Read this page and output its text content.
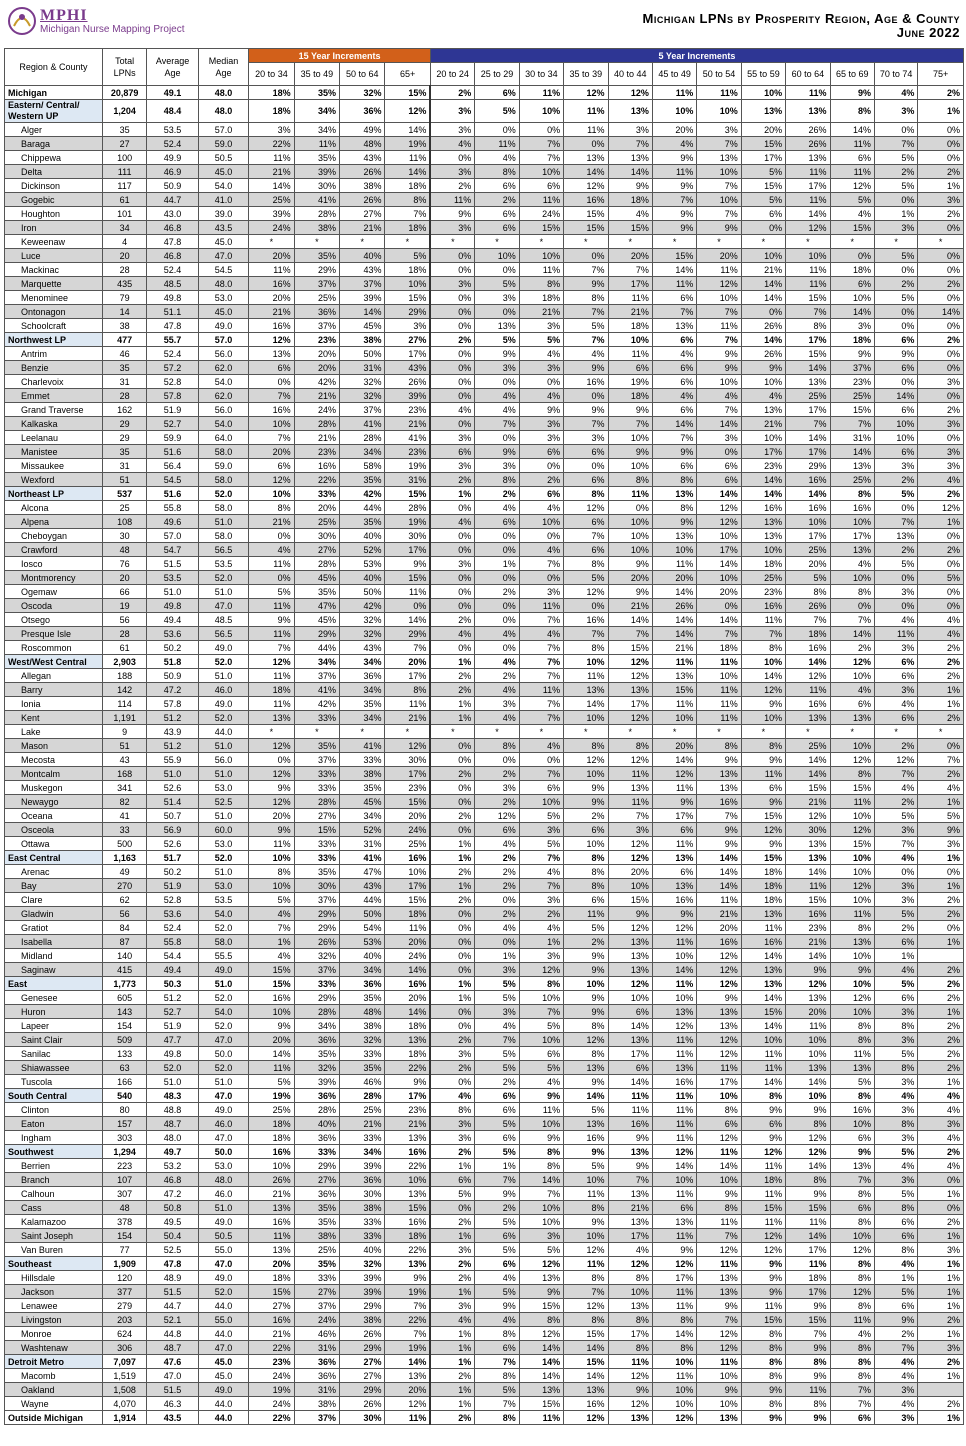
MPHI
Michigan Nurse Mapping Project
Michigan LPNs by Prosperity Region, Age & County
June 2022
Region & County	Total LPNs	Average Age	Median Age	15 Year Increments				5 Year Increments											
				20 to 34	35 to 49	50 to 64	65+	20 to 24	25 to 29	30 to 34	35 to 39	40 to 44	45 to 49	50 to 54	55 to 59	60 to 64	65 to 69	70 to 74	75+
Michigan	20,879	49.1	48.0	18%	35%	32%	15%	2%	6%	11%	12%	12%	11%	11%	10%	11%	9%	4%	2%
Eastern/ Central/ Western UP	1,204	48.4	48.0	18%	34%	36%	12%	3%	5%	10%	11%	13%	10%	10%	13%	13%	8%	3%	1%
Alger	35	53.5	57.0	3%	34%	49%	14%	3%	0%	0%	11%	3%	20%	3%	20%	26%	14%	0%	0%
Baraga	27	52.4	59.0	22%	11%	48%	19%	4%	11%	7%	0%	7%	4%	7%	15%	26%	11%	7%	0%
Chippewa	100	49.9	50.5	11%	35%	43%	11%	0%	4%	7%	13%	13%	9%	13%	17%	13%	6%	5%	0%
Delta	111	46.9	45.0	21%	39%	26%	14%	3%	8%	10%	14%	14%	11%	10%	5%	11%	11%	2%	2%
Dickinson	117	50.9	54.0	14%	30%	38%	18%	2%	6%	6%	12%	9%	9%	7%	15%	17%	12%	5%	1%
Gogebic	61	44.7	41.0	25%	41%	26%	8%	11%	2%	11%	16%	18%	7%	10%	5%	11%	5%	0%	3%
Houghton	101	43.0	39.0	39%	28%	27%	7%	9%	6%	24%	15%	4%	9%	7%	6%	14%	4%	1%	2%
Iron	34	46.8	43.5	24%	38%	21%	18%	3%	6%	15%	15%	15%	9%	9%	0%	12%	15%	3%	0%
Keweenaw	4	47.8	45.0	*	*	*	*	*	*	*	*	*	*	*	*	*	*	*	*
Luce	20	46.8	47.0	20%	35%	40%	5%	0%	10%	10%	0%	20%	15%	20%	10%	10%	0%	5%	0%
Mackinac	28	52.4	54.5	11%	29%	43%	18%	0%	0%	11%	7%	7%	14%	11%	21%	11%	18%	0%	0%
Marquette	435	48.5	48.0	16%	37%	37%	10%	3%	5%	8%	9%	17%	11%	12%	14%	11%	6%	2%	2%
Menominee	79	49.8	53.0	20%	25%	39%	15%	0%	3%	18%	8%	11%	6%	10%	14%	15%	10%	5%	0%
Ontonagon	14	51.1	45.0	21%	36%	14%	29%	0%	0%	21%	7%	21%	7%	7%	0%	7%	14%	0%	14%
Schoolcraft	38	47.8	49.0	16%	37%	45%	3%	0%	13%	3%	5%	18%	13%	11%	26%	8%	3%	0%	0%
Northwest LP	477	55.7	57.0	12%	23%	38%	27%	2%	5%	5%	7%	10%	6%	7%	14%	17%	18%	6%	2%
Antrim	46	52.4	56.0	13%	20%	50%	17%	0%	9%	4%	4%	11%	4%	9%	26%	15%	9%	9%	0%
Benzie	35	57.2	62.0	6%	20%	31%	43%	0%	3%	3%	9%	6%	6%	9%	9%	14%	37%	6%	0%
Charlevoix	31	52.8	54.0	0%	42%	32%	26%	0%	0%	0%	16%	19%	6%	10%	10%	13%	23%	0%	3%
Emmet	28	57.8	62.0	7%	21%	32%	39%	0%	4%	4%	0%	18%	4%	4%	4%	25%	25%	14%	0%
Grand Traverse	162	51.9	56.0	16%	24%	37%	23%	4%	4%	9%	9%	9%	6%	7%	13%	17%	15%	6%	2%
Kalkaska	29	52.7	54.0	10%	28%	41%	21%	0%	7%	3%	7%	7%	14%	14%	21%	7%	7%	10%	3%
Leelanau	29	59.9	64.0	7%	21%	28%	41%	3%	0%	3%	3%	10%	7%	3%	10%	14%	31%	10%	0%
Manistee	35	51.6	58.0	20%	23%	34%	23%	6%	9%	6%	6%	9%	9%	0%	17%	17%	14%	6%	3%
Missaukee	31	56.4	59.0	6%	16%	58%	19%	3%	3%	0%	0%	10%	6%	6%	23%	29%	13%	3%	3%
Wexford	51	54.5	58.0	12%	22%	35%	31%	2%	8%	2%	6%	8%	8%	6%	14%	16%	25%	2%	4%
Northeast LP	537	51.6	52.0	10%	33%	42%	15%	1%	2%	6%	8%	11%	13%	14%	14%	14%	8%	5%	2%
Alcona	25	55.8	58.0	8%	20%	44%	28%	0%	4%	4%	12%	0%	8%	12%	16%	16%	16%	0%	12%
Alpena	108	49.6	51.0	21%	25%	35%	19%	4%	6%	10%	6%	10%	9%	12%	13%	10%	10%	7%	1%
Cheboygan	30	57.0	58.0	0%	30%	40%	30%	0%	0%	0%	7%	10%	13%	10%	13%	17%	17%	13%	0%
Crawford	48	54.7	56.5	4%	27%	52%	17%	0%	0%	4%	6%	10%	10%	17%	10%	25%	13%	2%	2%
Iosco	76	51.5	53.5	11%	28%	53%	9%	3%	1%	7%	8%	9%	11%	14%	18%	20%	4%	5%	0%
Montmorency	20	53.5	52.0	0%	45%	40%	15%	0%	0%	0%	5%	20%	20%	10%	25%	5%	10%	0%	5%
Ogemaw	66	51.0	51.0	5%	35%	50%	11%	0%	2%	3%	12%	9%	14%	20%	23%	8%	8%	3%	0%
Oscoda	19	49.8	47.0	11%	47%	42%	0%	0%	0%	11%	0%	21%	26%	0%	16%	26%	0%	0%	0%
Otsego	56	49.4	48.5	9%	45%	32%	14%	2%	0%	7%	16%	14%	14%	14%	11%	7%	7%	4%	4%
Presque Isle	28	53.6	56.5	11%	29%	32%	29%	4%	4%	4%	7%	7%	14%	7%	7%	18%	14%	11%	4%
Roscommon	61	50.2	49.0	7%	44%	43%	7%	0%	0%	7%	8%	15%	21%	18%	8%	16%	2%	3%	2%
West/West Central	2,903	51.8	52.0	12%	34%	34%	20%	1%	4%	7%	10%	12%	11%	11%	10%	14%	12%	6%	2%
Allegan	188	50.9	51.0	11%	37%	36%	17%	2%	2%	7%	11%	12%	13%	10%	14%	12%	10%	6%	2%
Barry	142	47.2	46.0	18%	41%	34%	8%	2%	4%	11%	13%	13%	15%	11%	12%	11%	4%	3%	1%
Ionia	114	57.8	49.0	11%	42%	35%	11%	1%	3%	7%	14%	17%	11%	11%	9%	16%	6%	4%	1%
Kent	1,191	51.2	52.0	13%	33%	34%	21%	1%	4%	7%	10%	12%	10%	11%	10%	13%	13%	6%	2%
Lake	9	43.9	44.0	*	*	*	*	*	*	*	*	*	*	*	*	*	*	*	*
Mason	51	51.2	51.0	12%	35%	41%	12%	0%	8%	4%	8%	8%	20%	8%	8%	25%	10%	2%	0%
Mecosta	43	55.9	56.0	0%	37%	33%	30%	0%	0%	0%	12%	12%	14%	9%	9%	14%	12%	12%	7%
Montcalm	168	51.0	51.0	12%	33%	38%	17%	2%	2%	7%	10%	11%	12%	13%	11%	14%	8%	7%	2%
Muskegon	341	52.6	53.0	9%	33%	35%	23%	0%	3%	6%	9%	13%	11%	13%	6%	15%	15%	4%	4%
Newaygo	82	51.4	52.5	12%	28%	45%	15%	0%	2%	10%	9%	11%	9%	16%	9%	21%	11%	2%	1%
Oceana	41	50.7	51.0	20%	27%	34%	20%	2%	12%	5%	2%	7%	17%	7%	15%	12%	10%	5%	5%
Osceola	33	56.9	60.0	9%	15%	52%	24%	0%	6%	3%	6%	3%	6%	9%	12%	30%	12%	3%	9%
Ottawa	500	52.6	53.0	11%	33%	31%	25%	1%	4%	5%	10%	12%	11%	9%	9%	13%	15%	7%	3%
East Central	1,163	51.7	52.0	10%	33%	41%	16%	1%	2%	7%	8%	12%	13%	14%	15%	13%	10%	4%	1%
Arenac	49	50.2	51.0	8%	35%	47%	10%	2%	2%	4%	8%	20%	6%	14%	18%	14%	10%	0%	0%
Bay	270	51.9	53.0	10%	30%	43%	17%	1%	2%	7%	8%	10%	13%	14%	18%	11%	12%	3%	1%
Clare	62	52.8	53.5	5%	37%	44%	15%	2%	0%	3%	6%	15%	16%	11%	18%	15%	10%	3%	2%
Gladwin	56	53.6	54.0	4%	29%	50%	18%	0%	2%	2%	11%	9%	9%	21%	13%	16%	11%	5%	2%
Gratiot	84	52.4	52.0	7%	29%	54%	11%	0%	4%	4%	5%	12%	12%	20%	11%	23%	8%	2%	0%
Isabella	87	55.8	58.0	1%	26%	53%	20%	0%	0%	1%	2%	13%	11%	16%	16%	21%	13%	6%	1%
Midland	140	54.4	55.5	4%	32%	40%	24%	0%	1%	3%	9%	13%	10%	12%	14%	14%	10%	1%	
Saginaw	415	49.4	49.0	15%	37%	34%	14%	0%	3%	12%	9%	13%	14%	12%	13%	9%	9%	4%	2%
East	1,773	50.3	51.0	15%	33%	36%	16%	1%	5%	8%	10%	12%	11%	12%	13%	12%	10%	5%	2%
Genesee	605	51.2	52.0	16%	29%	35%	20%	1%	5%	10%	9%	10%	10%	9%	14%	13%	12%	6%	2%
Huron	143	52.7	54.0	10%	28%	48%	14%	0%	3%	7%	9%	6%	13%	13%	15%	20%	10%	3%	1%
Lapeer	154	51.9	52.0	9%	34%	38%	18%	0%	4%	5%	8%	14%	12%	13%	14%	11%	8%	8%	2%
Saint Clair	509	47.7	47.0	20%	36%	32%	13%	2%	7%	10%	12%	13%	11%	12%	10%	10%	8%	3%	2%
Sanilac	133	49.8	50.0	14%	35%	33%	18%	3%	5%	6%	8%	17%	11%	12%	11%	10%	11%	5%	2%
Shiawassee	63	52.0	52.0	11%	32%	35%	22%	2%	5%	5%	13%	6%	13%	11%	11%	13%	13%	8%	2%
Tuscola	166	51.0	51.0	5%	39%	46%	9%	0%	2%	4%	9%	14%	16%	17%	14%	14%	5%	3%	1%
South Central	540	48.3	47.0	19%	36%	28%	17%	4%	6%	9%	14%	11%	11%	10%	8%	10%	8%	4%	4%
Clinton	80	48.8	49.0	25%	28%	25%	23%	8%	6%	11%	5%	11%	11%	8%	9%	9%	16%	3%	4%
Eaton	157	48.7	46.0	18%	40%	21%	21%	3%	5%	10%	13%	16%	11%	6%	6%	8%	10%	8%	3%
Ingham	303	48.0	47.0	18%	36%	33%	13%	3%	6%	9%	16%	9%	11%	12%	9%	12%	6%	3%	4%
Southwest	1,294	49.7	50.0	16%	33%	34%	16%	2%	5%	8%	9%	13%	12%	11%	12%	12%	9%	5%	2%
Berrien	223	53.2	53.0	10%	29%	39%	22%	1%	1%	8%	5%	9%	14%	14%	11%	14%	13%	4%	4%
Branch	107	46.8	48.0	26%	27%	36%	10%	6%	7%	14%	10%	7%	10%	10%	18%	8%	7%	3%	0%
Calhoun	307	47.2	46.0	21%	36%	30%	13%	5%	9%	7%	11%	13%	11%	9%	11%	9%	8%	5%	1%
Cass	48	50.8	51.0	13%	35%	38%	15%	0%	2%	10%	8%	21%	6%	8%	15%	15%	6%	8%	0%
Kalamazoo	378	49.5	49.0	16%	35%	33%	16%	2%	5%	10%	9%	13%	13%	11%	11%	11%	8%	6%	2%
Saint Joseph	154	50.4	50.5	11%	38%	33%	18%	1%	6%	3%	10%	17%	11%	7%	12%	14%	10%	6%	1%
Van Buren	77	52.5	55.0	13%	25%	40%	22%	3%	5%	5%	12%	4%	9%	12%	12%	17%	12%	8%	3%
Southeast	1,909	47.8	47.0	20%	35%	32%	13%	2%	6%	12%	11%	12%	12%	11%	9%	11%	8%	4%	1%
Hillsdale	120	48.9	49.0	18%	33%	39%	9%	2%	4%	13%	8%	8%	17%	13%	9%	18%	8%	1%	1%
Jackson	377	51.5	52.0	15%	27%	39%	19%	1%	5%	9%	7%	10%	11%	13%	9%	17%	12%	5%	1%
Lenawee	279	44.7	44.0	27%	37%	29%	7%	3%	9%	15%	12%	13%	11%	9%	11%	9%	8%	6%	1%
Livingston	203	52.1	55.0	16%	24%	38%	22%	4%	4%	8%	8%	8%	8%	7%	15%	15%	11%	9%	2%
Monroe	624	44.8	44.0	21%	46%	26%	7%	1%	8%	12%	15%	17%	14%	12%	8%	7%	4%	2%	1%
Washtenaw	306	48.7	47.0	22%	31%	29%	19%	1%	6%	14%	14%	8%	8%	12%	8%	9%	8%	7%	3%
Detroit Metro	7,097	47.6	45.0	23%	36%	27%	14%	1%	7%	14%	15%	11%	10%	11%	8%	8%	8%	4%	2%
Macomb	1,519	47.0	45.0	24%	36%	27%	13%	2%	8%	14%	14%	12%	11%	10%	8%	9%	8%	4%	1%
Oakland	1,508	51.5	49.0	19%	31%	29%	20%	1%	5%	13%	13%	9%	10%	9%	9%	11%	7%	3%	
Wayne	4,070	46.3	44.0	24%	38%	26%	12%	1%	7%	15%	16%	12%	10%	10%	8%	8%	7%	4%	2%
Outside Michigan	1,914	43.5	44.0	22%	37%	30%	11%	2%	8%	11%	12%	13%	12%	13%	9%	9%	6%	3%	1%
